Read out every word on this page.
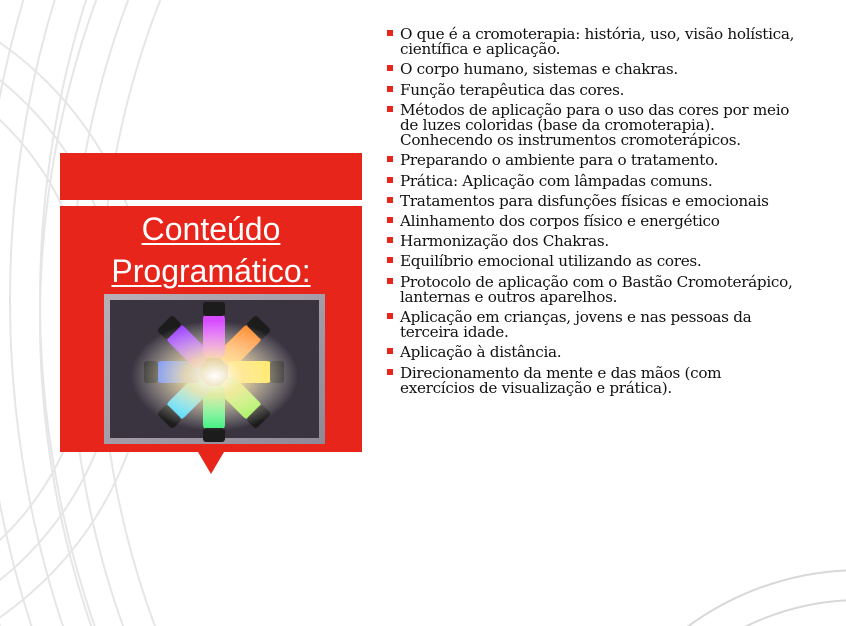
Conteúdo
Programático:
O que é a cromoterapia: história, uso, visão holística, científica e aplicação.
O corpo humano, sistemas e chakras.
Função terapêutica das cores.
Métodos de aplicação para o uso das cores por meio de luzes coloridas (base da cromoterapia). Conhecendo os instrumentos cromoterápicos.
Preparando o ambiente para o tratamento.
Prática: Aplicação com lâmpadas comuns.
Tratamentos para disfunções físicas e emocionais
Alinhamento dos corpos físico e energético
Harmonização dos Chakras.
Equilíbrio emocional utilizando as cores.
Protocolo de aplicação com o Bastão Cromoterápico, lanternas e outros aparelhos.
Aplicação em crianças, jovens e nas pessoas da terceira idade.
Aplicação à distância.
Direcionamento da mente e das mãos (com exercícios de visualização e prática).
